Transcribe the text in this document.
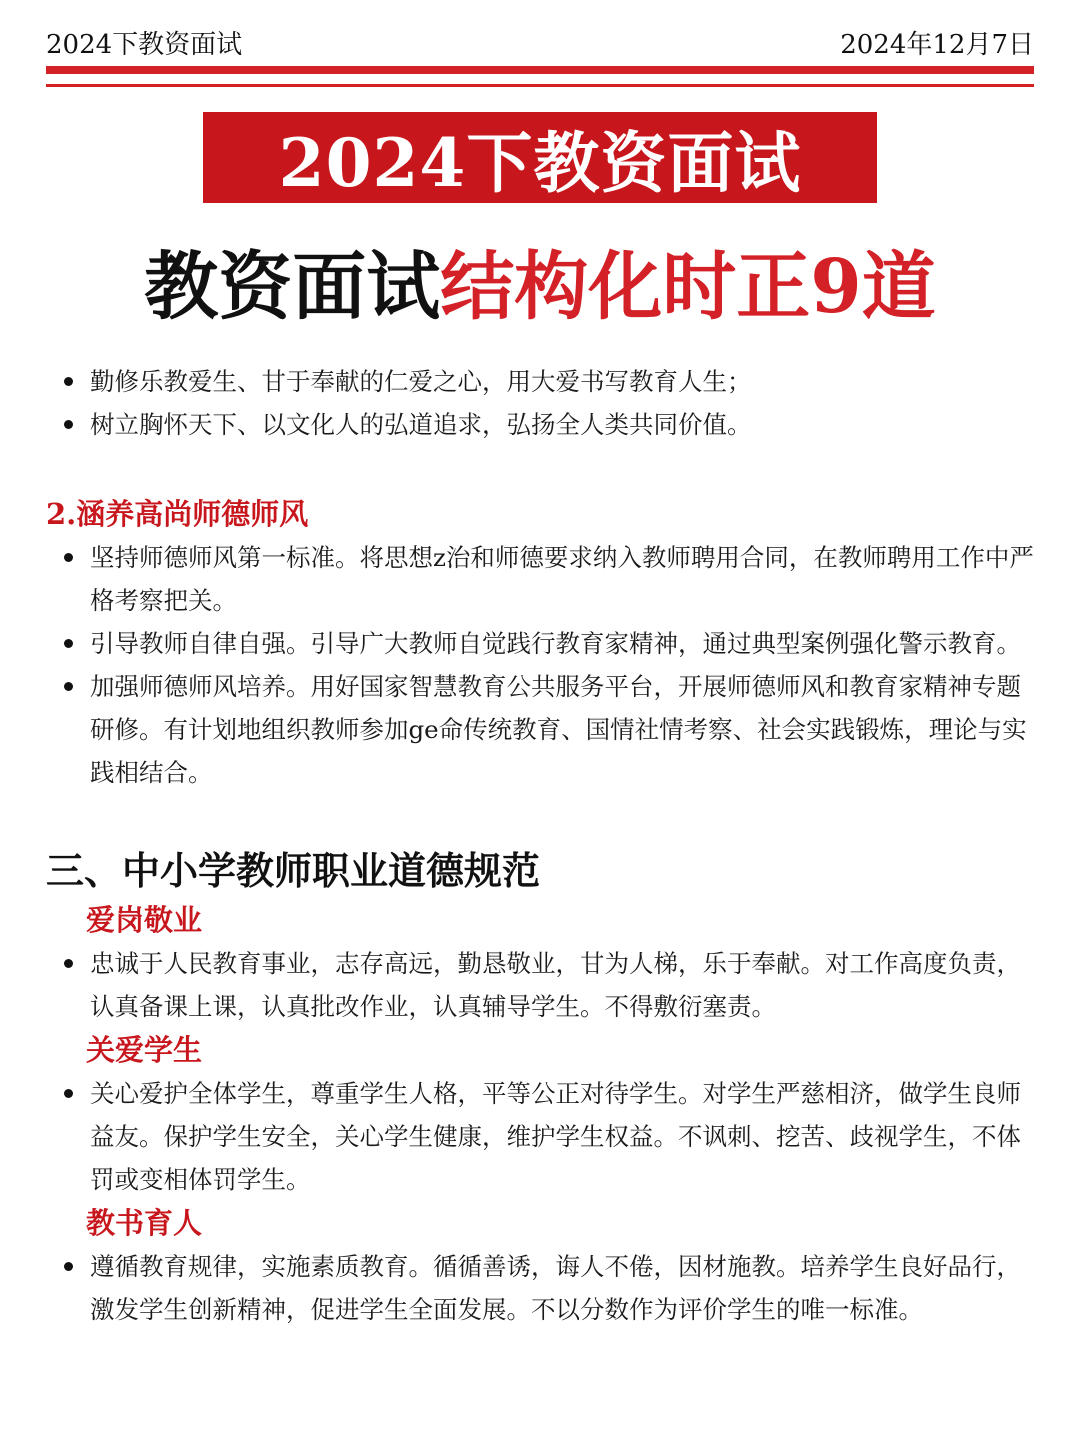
2024下教资面试	2024年12月7日
2024下教资面试
教资面试结构化时正9道
勤修乐教爱生、甘于奉献的仁爱之心，用大爱书写教育人生；
树立胸怀天下、以文化人的弘道追求，弘扬全人类共同价值。
2.涵养高尚师德师风
坚持师德师风第一标准。将思想z治和师德要求纳入教师聘用合同，在教师聘用工作中严格考察把关。
引导教师自律自强。引导广大教师自觉践行教育家精神，通过典型案例强化警示教育。
加强师德师风培养。用好国家智慧教育公共服务平台，开展师德师风和教育家精神专题研修。有计划地组织教师参加ge命传统教育、国情社情考察、社会实践锻炼，理论与实践相结合。
三、中小学教师职业道德规范
爱岗敬业
忠诚于人民教育事业，志存高远，勤恳敬业，甘为人梯，乐于奉献。对工作高度负责，认真备课上课，认真批改作业，认真辅导学生。不得敷衍塞责。
关爱学生
关心爱护全体学生，尊重学生人格，平等公正对待学生。对学生严慈相济，做学生良师益友。保护学生安全，关心学生健康，维护学生权益。不讽刺、挖苦、歧视学生，不体罚或变相体罚学生。
教书育人
遵循教育规律，实施素质教育。循循善诱，诲人不倦，因材施教。培养学生良好品行，激发学生创新精神，促进学生全面发展。不以分数作为评价学生的唯一标准。
